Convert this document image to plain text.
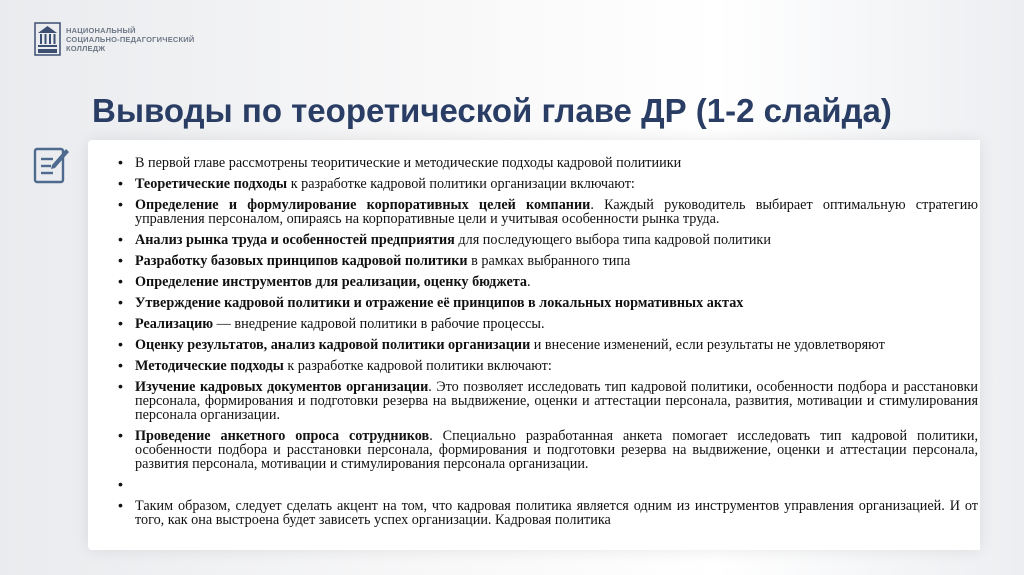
НАЦИОНАЛЬНЫЙ
СОЦИАЛЬНО-ПЕДАГОГИЧЕСКИЙ
КОЛЛЕДЖ
Выводы по теоретической главе ДР (1-2 слайда)
• В первой главе рассмотрены теоритические и методические подходы кадровой политиики
• Теоретические подходы к разработке кадровой политики организации включают:
• Определение и формулирование корпоративных целей компании. Каждый руководитель выбирает оптимальную стратегию управления персоналом, опираясь на корпоративные цели и учитывая особенности рынка труда.
• Анализ рынка труда и особенностей предприятия для последующего выбора типа кадровой политики
• Разработку базовых принципов кадровой политики в рамках выбранного типа
• Определение инструментов для реализации, оценку бюджета.
• Утверждение кадровой политики и отражение её принципов в локальных нормативных актах
• Реализацию — внедрение кадровой политики в рабочие процессы.
• Оценку результатов, анализ кадровой политики организации и внесение изменений, если результаты не удовлетворяют
• Методические подходы к разработке кадровой политики включают:
• Изучение кадровых документов организации. Это позволяет исследовать тип кадровой политики, особенности подбора и расстановки персонала, формирования и подготовки резерва на выдвижение, оценки и аттестации персонала, развития, мотивации и стимулирования персонала организации.
• Проведение анкетного опроса сотрудников. Специально разработанная анкета помогает исследовать тип кадровой политики, особенности подбора и расстановки персонала, формирования и подготовки резерва на выдвижение, оценки и аттестации персонала, развития персонала, мотивации и стимулирования персонала организации.
•
• Таким образом, следует сделать акцент на том, что кадровая политика является одним из инструментов управления организацией. И от того, как она выстроена будет зависеть успех организации. Кадровая политика
